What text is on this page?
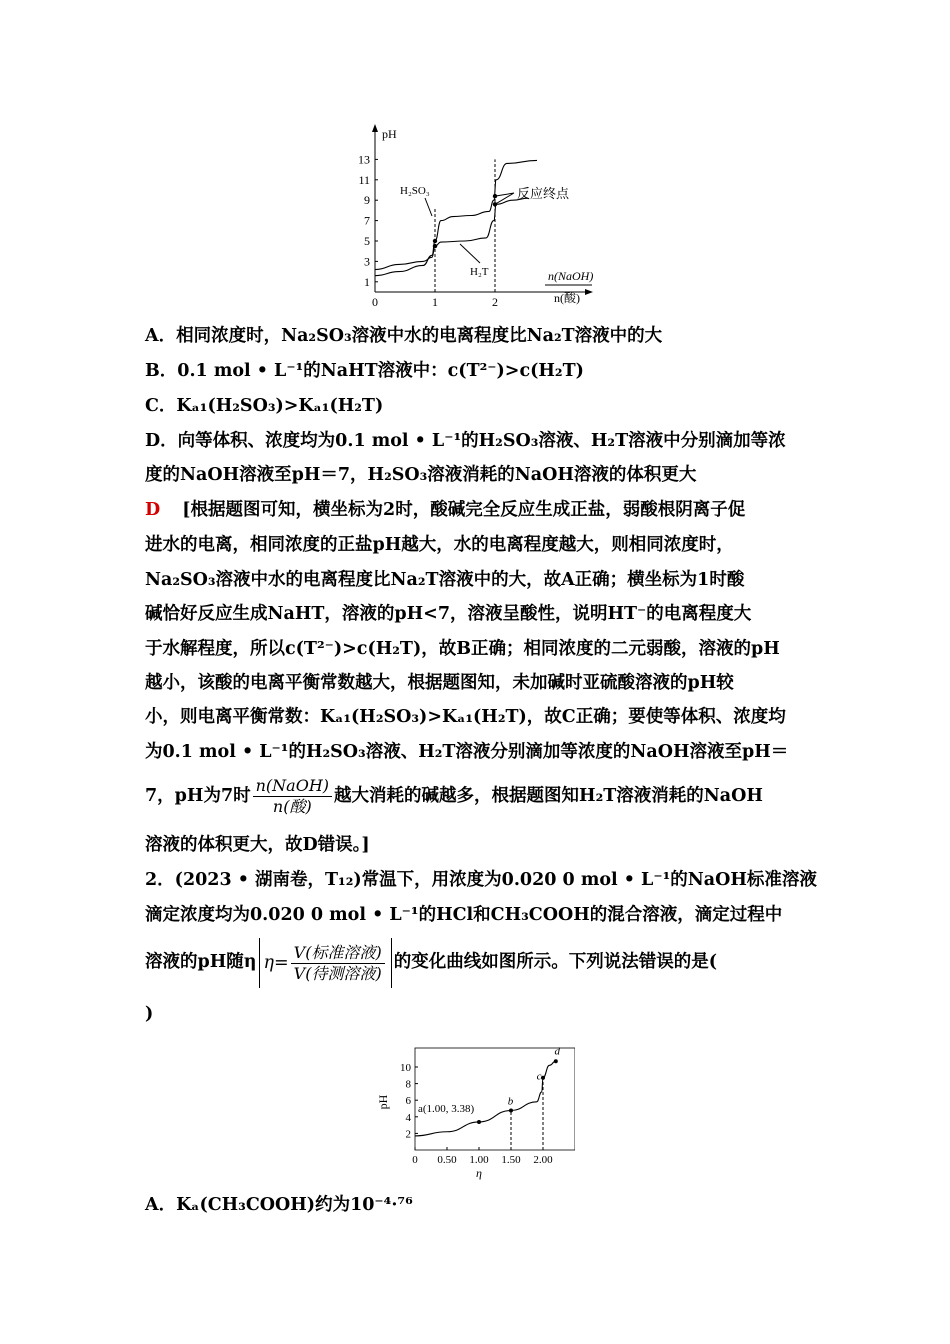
pH
1
3
5
7
9
11
13
0	1	2
n(NaOH)
n(酸)
H₂SO₃
H₂T
反应终点
A．相同浓度时，Na₂SO₃溶液中水的电离程度比Na₂T溶液中的大
B．0.1 mol • L⁻¹的NaHT溶液中：c(T²⁻)>c(H₂T)
C．Kₐ₁(H₂SO₃)>Kₐ₁(H₂T)
D．向等体积、浓度均为0.1 mol • L⁻¹的H₂SO₃溶液、H₂T溶液中分别滴加等浓
度的NaOH溶液至pH＝7，H₂SO₃溶液消耗的NaOH溶液的体积更大
D [根据题图可知，横坐标为2时，酸碱完全反应生成正盐，弱酸根阴离子促
进水的电离，相同浓度的正盐pH越大，水的电离程度越大，则相同浓度时，
Na₂SO₃溶液中水的电离程度比Na₂T溶液中的大，故A正确；横坐标为1时酸
碱恰好反应生成NaHT，溶液的pH<7，溶液呈酸性，说明HT⁻的电离程度大
于水解程度，所以c(T²⁻)>c(H₂T)，故B正确；相同浓度的二元弱酸，溶液的pH
越小，该酸的电离平衡常数越大，根据题图知，未加碱时亚硫酸溶液的pH较
小，则电离平衡常数：Kₐ₁(H₂SO₃)>Kₐ₁(H₂T)，故C正确；要使等体积、浓度均
为0.1 mol • L⁻¹的H₂SO₃溶液、H₂T溶液分别滴加等浓度的NaOH溶液至pH＝
7，pH为7时 $\frac{\text{n(NaOH)}}{\text{n(酸)}}$ 越大消耗的碱越多，根据题图知H₂T溶液消耗的NaOH
溶液的体积更大，故D错误。]
2．(2023 • 湖南卷，T₁₂)常温下，用浓度为0.020 0 mol • L⁻¹的NaOH标准溶液
滴定浓度均为0.020 0 mol • L⁻¹的HCl和CH₃COOH的混合溶液，滴定过程中
溶液的pH随η $\eta= \frac{\text{V(标准溶液)}}{\text{V(待测溶液)}}$ 的变化曲线如图所示。下列说法错误的是(
)
2
4
6
8
10
0 0.50 1.00 1.50 2.00
pH
η
a(1.00, 3.38)
b
c
d
A．Kₐ(CH₃COOH)约为10⁻⁴·⁷⁶
